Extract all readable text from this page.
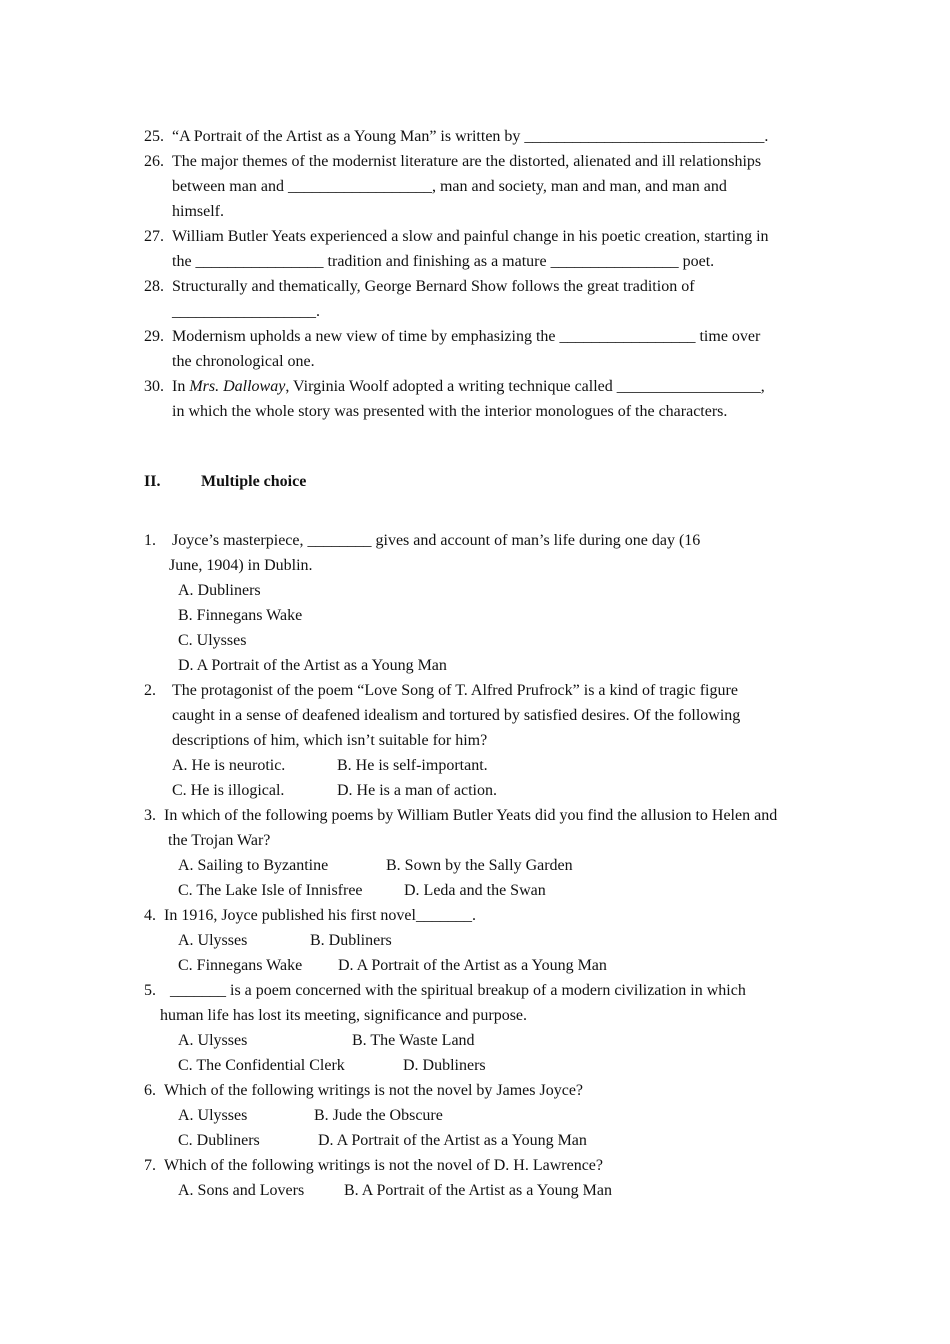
25. “A Portrait of the Artist as a Young Man” is written by ______________________________.
26. The major themes of the modernist literature are the distorted, alienated and ill relationships
between man and __________________, man and society, man and man, and man and
himself.
27. William Butler Yeats experienced a slow and painful change in his poetic creation, starting in
the ________________ tradition and finishing as a mature ________________ poet.
28. Structurally and thematically, George Bernard Show follows the great tradition of
__________________.
29. Modernism upholds a new view of time by emphasizing the _________________ time over
the chronological one.
30. In Mrs. Dalloway, Virginia Woolf adopted a writing technique called __________________,
in which the whole story was presented with the interior monologues of the characters.
II.	Multiple choice
1. Joyce’s masterpiece, ________ gives and account of man’s life during one day (16
June, 1904) in Dublin.
A. Dubliners
B. Finnegans Wake
C. Ulysses
D. A Portrait of the Artist as a Young Man
2. The protagonist of the poem “Love Song of T. Alfred Prufrock” is a kind of tragic figure
caught in a sense of deafened idealism and tortured by satisfied desires. Of the following
descriptions of him, which isn’t suitable for him?
A. He is neurotic.	B. He is self-important.
C. He is illogical.	D. He is a man of action.
3. In which of the following poems by William Butler Yeats did you find the allusion to Helen and
the Trojan War?
A. Sailing to Byzantine	B. Sown by the Sally Garden
C. The Lake Isle of Innisfree	D. Leda and the Swan
4. In 1916, Joyce published his first novel_______.
A. Ulysses	B. Dubliners
C. Finnegans Wake D. A Portrait of the Artist as a Young Man
5. _______ is a poem concerned with the spiritual breakup of a modern civilization in which
human life has lost its meeting, significance and purpose.
A. Ulysses	B. The Waste Land
C. The Confidential Clerk	D. Dubliners
6. Which of the following writings is not the novel by James Joyce?
A. Ulysses	B. Jude the Obscure
C. Dubliners	D. A Portrait of the Artist as a Young Man
7. Which of the following writings is not the novel of D. H. Lawrence?
A. Sons and Lovers B. A Portrait of the Artist as a Young Man
